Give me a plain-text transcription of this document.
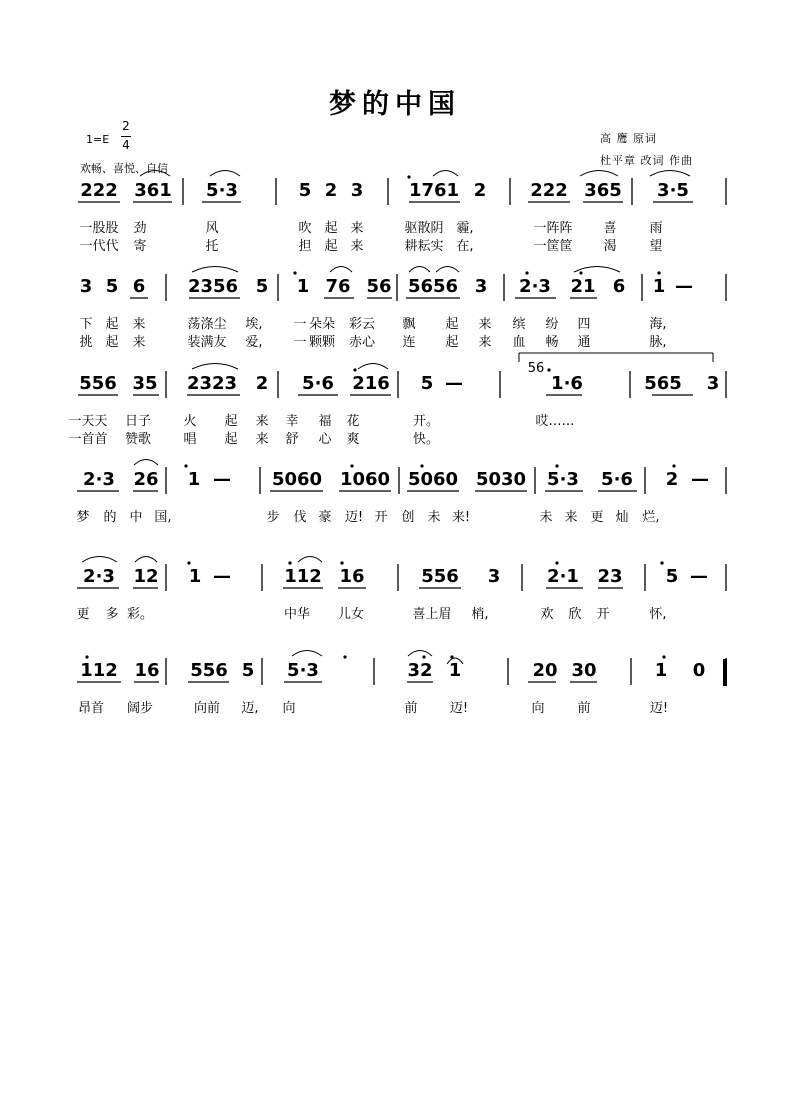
梦的中国
1=E
2
4
欢畅、喜悦、自信
高 鹰 原词
杜平章 改词 作曲
222 361 5·3	5 2 3	1761 2 222 365 3·5
一股股 劲	风	吹 起 来	驱散阴 霾,	一阵阵 喜	雨
一代代 寄	托	担 起 来	耕耘实 在,	一筐筐 渴	望
3 5 6 2356 5 1 76 56 5656 3 2·3 21 6 1 —
下 起 来	荡涤尘 埃, 一 朵朵 彩云 飘 起 来 缤 纷 四	海,
挑 起 来	装满友 爱, 一 颗颗 赤心 连 起 来 血 畅 通	脉,
556 35 2323 2 5·6 216 5 —	1·6	565 3
一天天 日子 火 起 来 幸 福 花	开。	哎……
一首首 赞歌 唱 起 来 舒 心 爽	快。
2·3 26 1 — 5060 1060 5060 5030 5·3 5·6 2 —
梦 的 中 国,	步 伐 豪 迈! 开 创 未 来!	未 来 更 灿 烂,
2·3 12 1 —	112 16	556 3	2·1 23 5 —
更 多 彩。	中华 儿女	喜上眉 梢,	欢 欣 开	怀,
112 16 556 5 5·3	32 1	20 30	1 0
昂首 阔步	向前 迈, 向	前 迈!	向	前	迈!
56
